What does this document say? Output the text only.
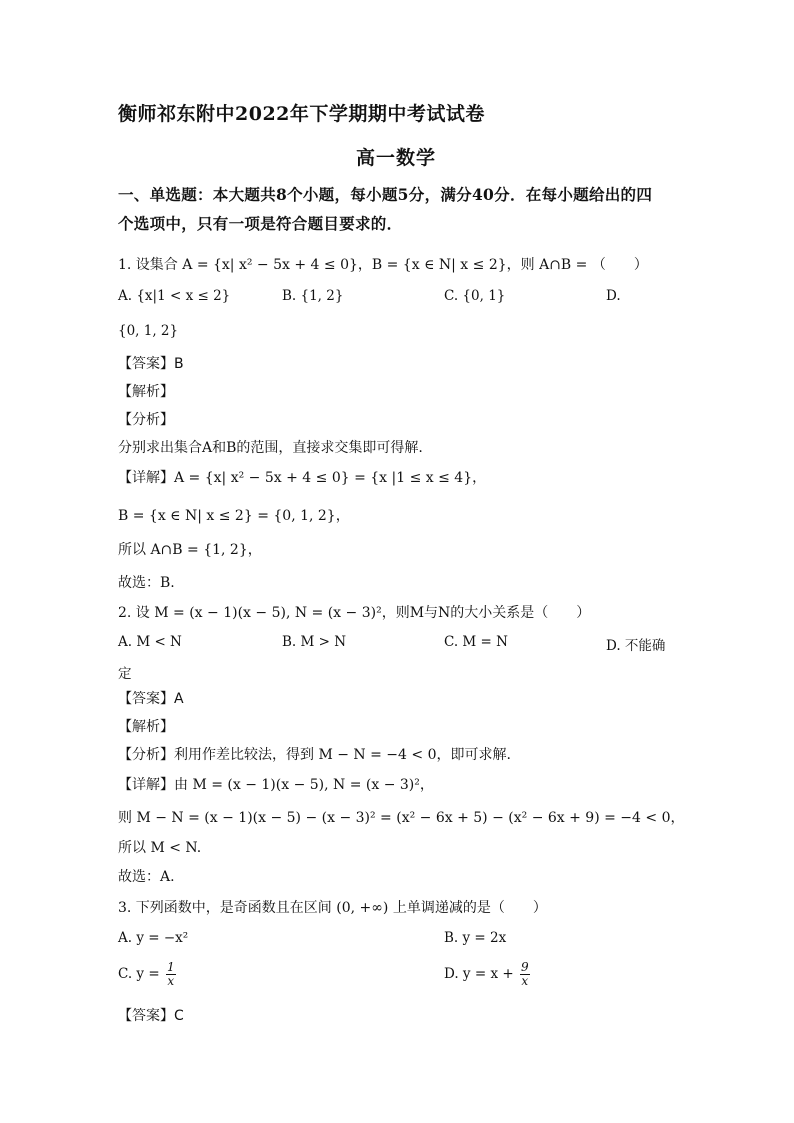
衡师祁东附中2022年下学期期中考试试卷
高一数学
一、单选题：本大题共8个小题，每小题5分，满分40分．在每小题给出的四
个选项中，只有一项是符合题目要求的．
1. 设集合 A = {x| x² − 5x + 4 ≤ 0}，B = {x ∈ N| x ≤ 2}，则 A∩B = （　　）
A. {x|1 < x ≤ 2}	B. {1, 2}	C. {0, 1}	D.
{0, 1, 2}
【答案】B
【解析】
【分析】
分别求出集合A和B的范围，直接求交集即可得解.
【详解】A = {x| x² − 5x + 4 ≤ 0} = {x |1 ≤ x ≤ 4}，
B = {x ∈ N| x ≤ 2} = {0, 1, 2}，
所以 A∩B = {1, 2}，
故选：B.
2. 设 M = (x − 1)(x − 5), N = (x − 3)²，则M与N的大小关系是（　　）
A. M < N	B. M > N	C. M = N	D. 不能确
定
【答案】A
【解析】
【分析】利用作差比较法，得到 M − N = −4 < 0，即可求解.
【详解】由 M = (x − 1)(x − 5), N = (x − 3)²，
则 M − N = (x − 1)(x − 5) − (x − 3)² = (x² − 6x + 5) − (x² − 6x + 9) = −4 < 0，
所以 M < N.
故选：A.
3. 下列函数中，是奇函数且在区间 (0, +∞) 上单调递减的是（　　）
A. y = −x²	B. y = 2x
C. $y = \frac{1}{x}$	D. $y = x + \frac{9}{x}$
【答案】C
